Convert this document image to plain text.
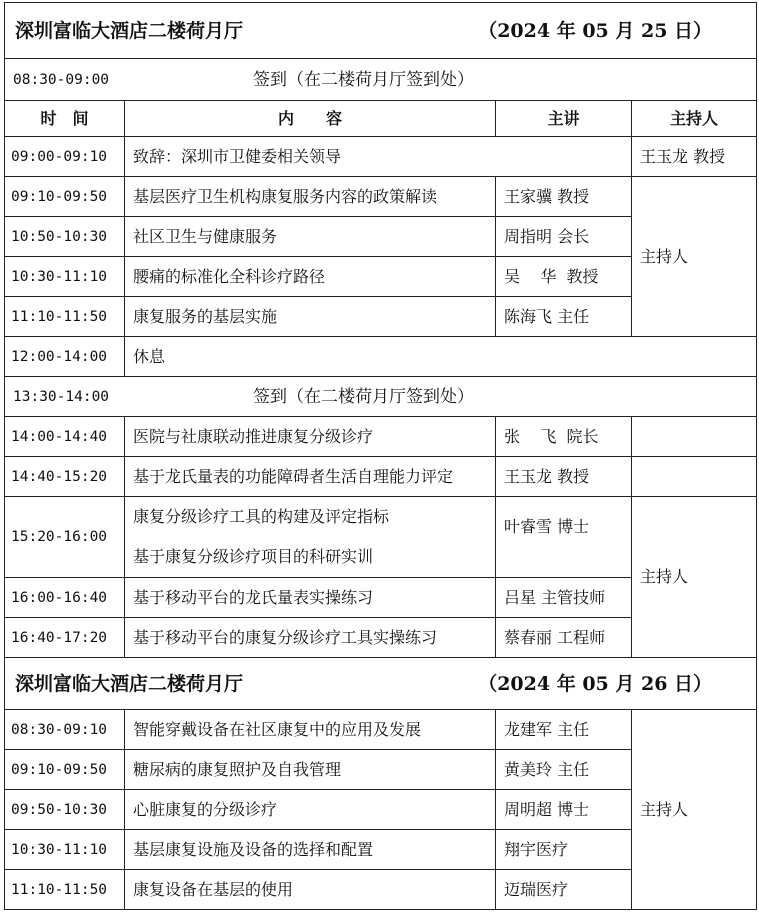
深圳富临大酒店二楼荷月厅 （2024 年 05 月 25 日）			

08:30-09:00 签到（在二楼荷月厅签到处）			

时　间	内　　容	主讲	主持人
09:00-09:10	致辞：深圳市卫健委相关领导		王玉龙 教授
09:10-09:50	基层医疗卫生机构康复服务内容的政策解读	王家骥 教授	主持人
10:50-10:30	社区卫生与健康服务	周指明 会长	
10:30-11:10	腰痛的标准化全科诊疗路径	吴    华  教授	
11:10-11:50	康复服务的基层实施	陈海飞 主任	
12:00-14:00	休息		

13:30-14:00 签到（在二楼荷月厅签到处）			

14:00-14:40	医院与社康联动推进康复分级诊疗	张    飞  院长	
14:40-15:20	基于龙氏量表的功能障碍者生活自理能力评定	王玉龙 教授	
15:20-16:00	康复分级诊疗工具的构建及评定指标
基于康复分级诊疗项目的科研实训	叶睿雪 博士	主持人
16:00-16:40	基于移动平台的龙氏量表实操练习	吕星 主管技师	
16:40-17:20	基于移动平台的康复分级诊疗工具实操练习	蔡春丽 工程师	

深圳富临大酒店二楼荷月厅 （2024 年 05 月 26 日）			

08:30-09:10	智能穿戴设备在社区康复中的应用及发展	龙建军 主任	主持人
09:10-09:50	糖尿病的康复照护及自我管理	黄美玲 主任	
09:50-10:30	心脏康复的分级诊疗	周明超 博士	
10:30-11:10	基层康复设施及设备的选择和配置	翔宇医疗	
11:10-11:50	康复设备在基层的使用	迈瑞医疗	
